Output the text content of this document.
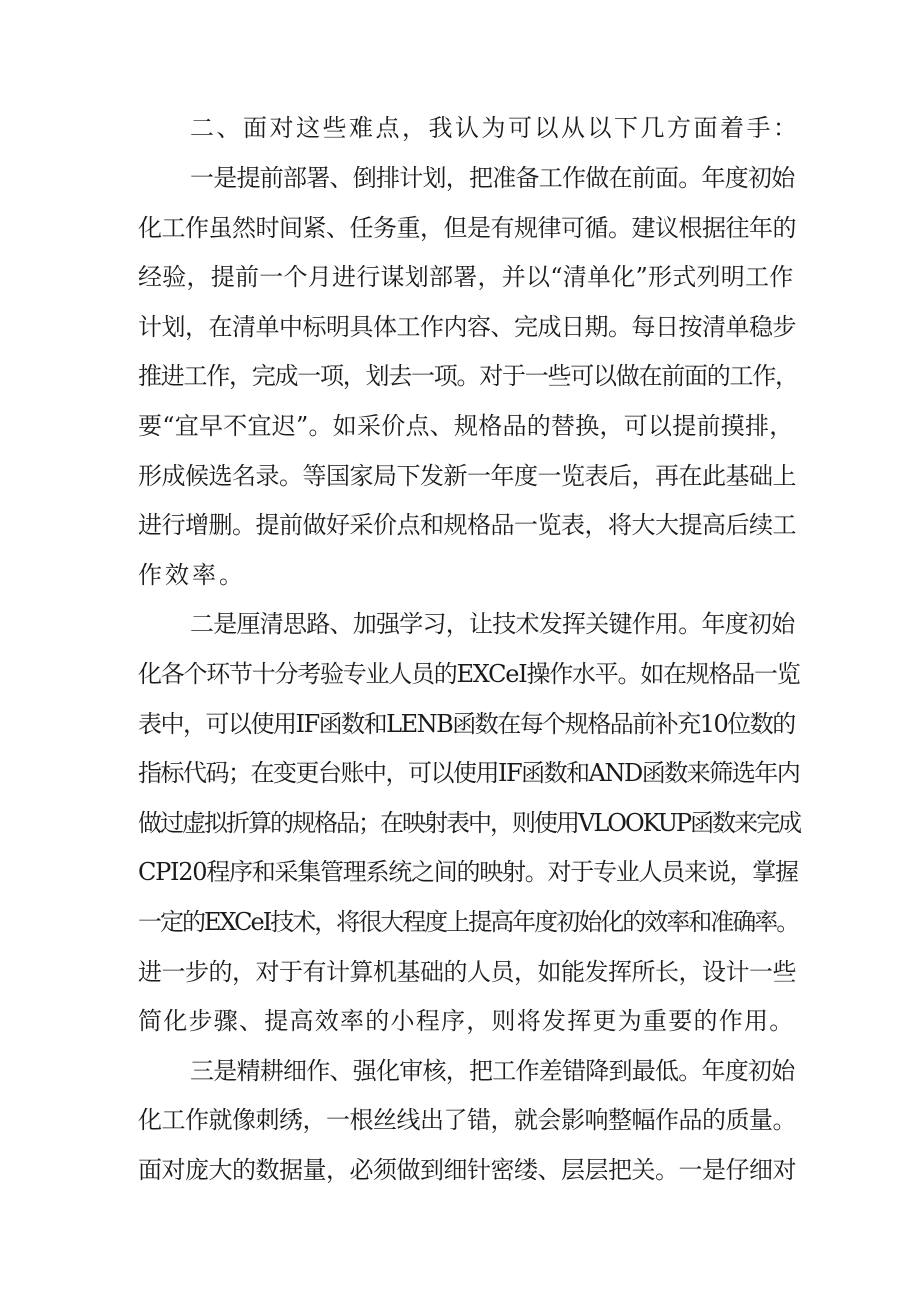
二、面对这些难点，我认为可以从以下几方面着手：
一是提前部署、倒排计划，把准备工作做在前面。年度初始
化工作虽然时间紧、任务重，但是有规律可循。建议根据往年的
经验，提前一个月进行谋划部署，并以“清单化”形式列明工作
计划，在清单中标明具体工作内容、完成日期。每日按清单稳步
推进工作，完成一项，划去一项。对于一些可以做在前面的工作，
要“宜早不宜迟”。如采价点、规格品的替换，可以提前摸排，
形成候选名录。等国家局下发新一年度一览表后，再在此基础上
进行增删。提前做好采价点和规格品一览表，将大大提高后续工
作效率。
二是厘清思路、加强学习，让技术发挥关键作用。年度初始
化各个环节十分考验专业人员的EXCeI操作水平。如在规格品一览
表中，可以使用IF函数和LENB函数在每个规格品前补充10位数的
指标代码；在变更台账中，可以使用IF函数和AND函数来筛选年内
做过虚拟折算的规格品；在映射表中，则使用VLOOKUP函数来完成
CPI20程序和采集管理系统之间的映射。对于专业人员来说，掌握
一定的EXCeI技术，将很大程度上提高年度初始化的效率和准确率。
进一步的，对于有计算机基础的人员，如能发挥所长，设计一些
简化步骤、提高效率的小程序，则将发挥更为重要的作用。
三是精耕细作、强化审核，把工作差错降到最低。年度初始
化工作就像刺绣，一根丝线出了错，就会影响整幅作品的质量。
面对庞大的数据量，必须做到细针密缕、层层把关。一是仔细对
